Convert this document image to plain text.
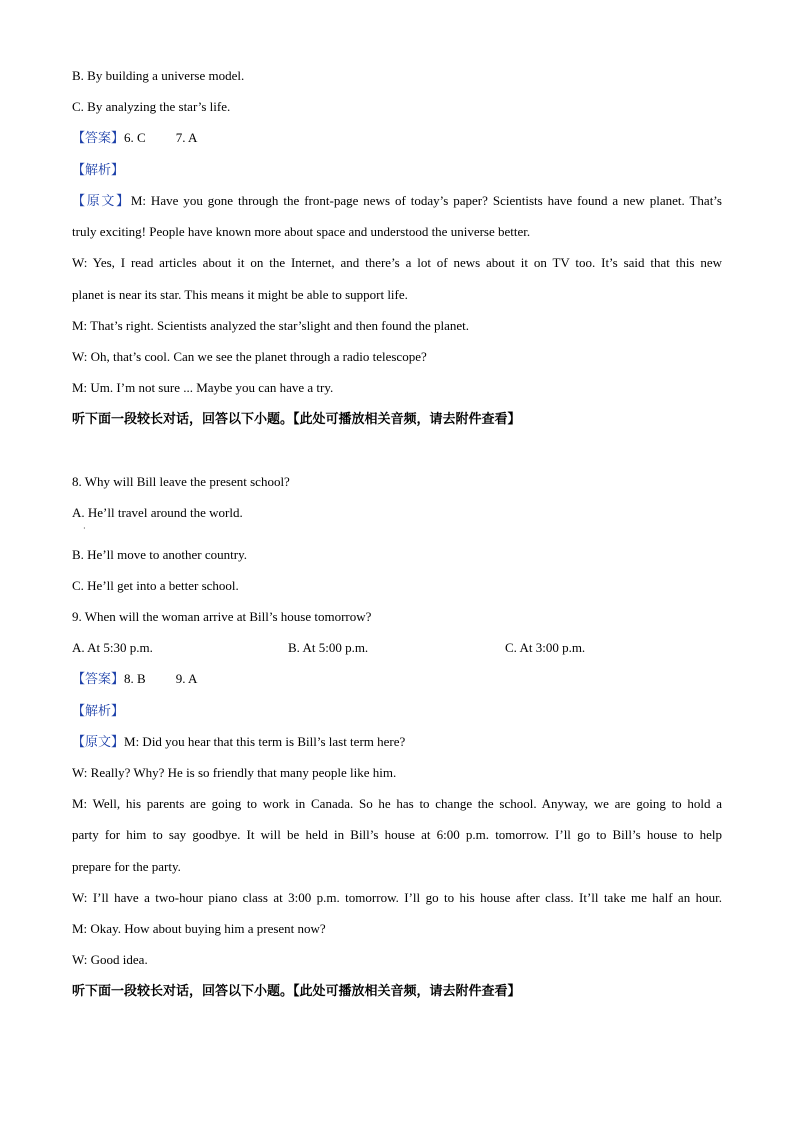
B. By building a universe model.
C. By analyzing the star’s life.
【答案】6. C 7. A
【解析】
【原文】M: Have you gone through the front-page news of today’s paper? Scientists have found a new planet. That’s
truly exciting! People have known more about space and understood the universe better.
W: Yes, I read articles about it on the Internet, and there’s a lot of news about it on TV too. It’s said that this new
planet is near its star. This means it might be able to support life.
M: That’s right. Scientists analyzed the star’slight and then found the planet.
W: Oh, that’s cool. Can we see the planet through a radio telescope?
M: Um. I’m not sure ... Maybe you can have a try.
听下面一段较长对话，回答以下小题。【此处可播放相关音频，请去附件查看】
8. Why will Bill leave the present school?
A. He’ll travel around the world.
·
B. He’ll move to another country.
C. He’ll get into a better school.
9. When will the woman arrive at Bill’s house tomorrow?
A. At 5:30 p.m.	B. At 5:00 p.m.	C. At 3:00 p.m.
【答案】8. B 9. A
【解析】
【原文】M: Did you hear that this term is Bill’s last term here?
W: Really? Why? He is so friendly that many people like him.
M: Well, his parents are going to work in Canada. So he has to change the school. Anyway, we are going to hold a
party for him to say goodbye. It will be held in Bill’s house at 6:00 p.m. tomorrow. I’ll go to Bill’s house to help
prepare for the party.
W: I’ll have a two-hour piano class at 3:00 p.m. tomorrow. I’ll go to his house after class. It’ll take me half an hour.
M: Okay. How about buying him a present now?
W: Good idea.
听下面一段较长对话，回答以下小题。【此处可播放相关音频，请去附件查看】
